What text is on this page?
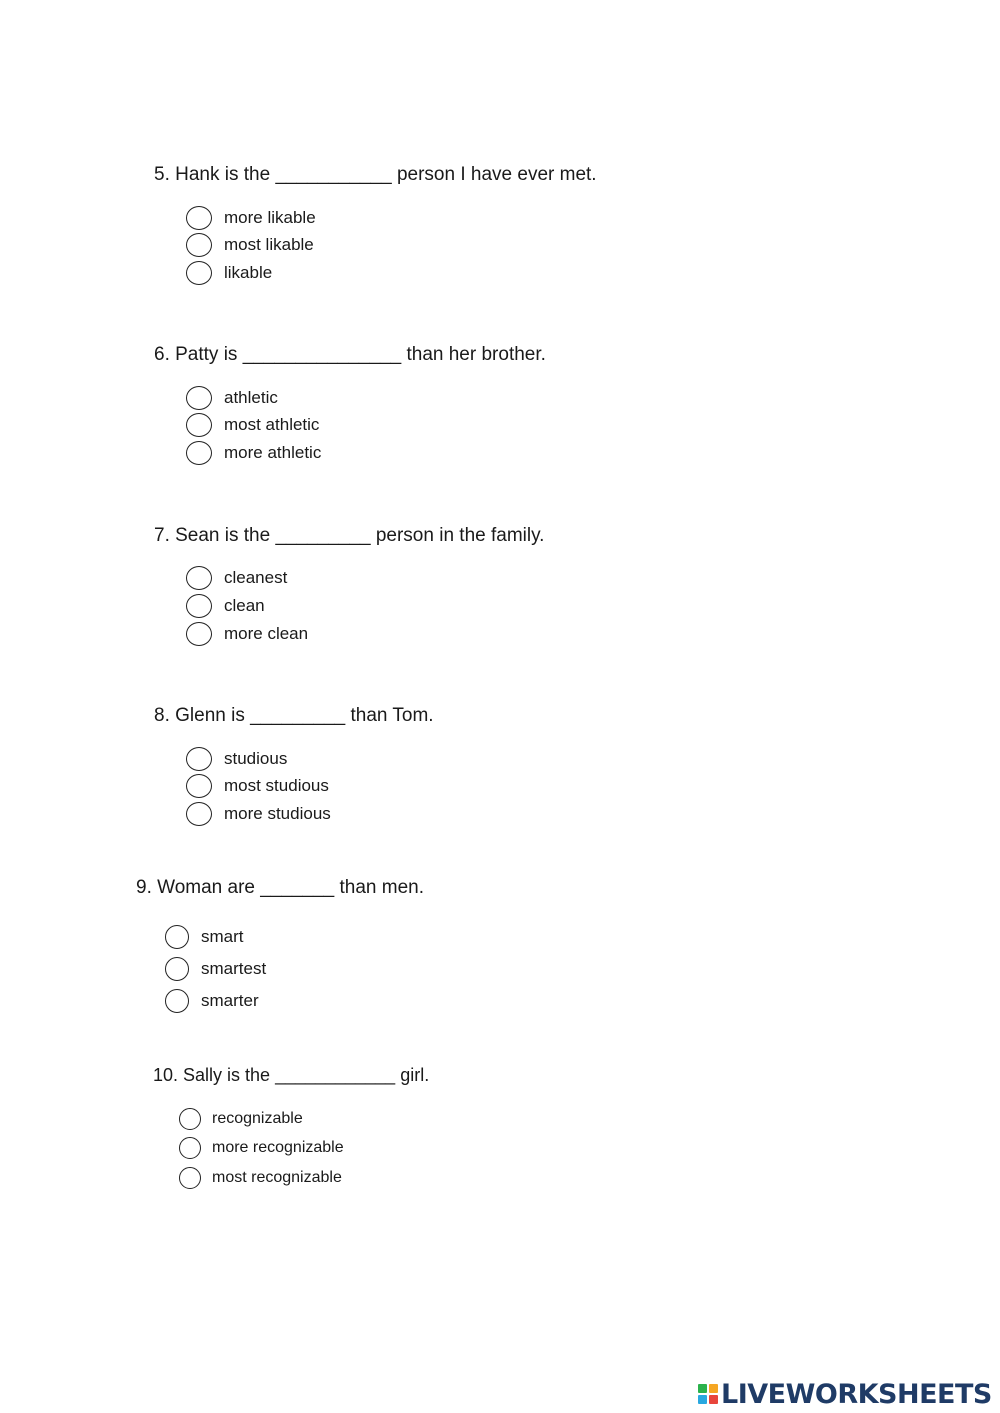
5. Hank is the ___________ person I have ever met.
more likable
most likable
likable
6. Patty is _______________ than her brother.
athletic
most athletic
more athletic
7. Sean is the _________ person in the family.
cleanest
clean
more clean
8. Glenn is _________ than Tom.
studious
most studious
more studious
9. Woman are _______ than men.
smart
smartest
smarter
10. Sally is the ____________ girl.
recognizable
more recognizable
most recognizable
LIVEWORKSHEETS
